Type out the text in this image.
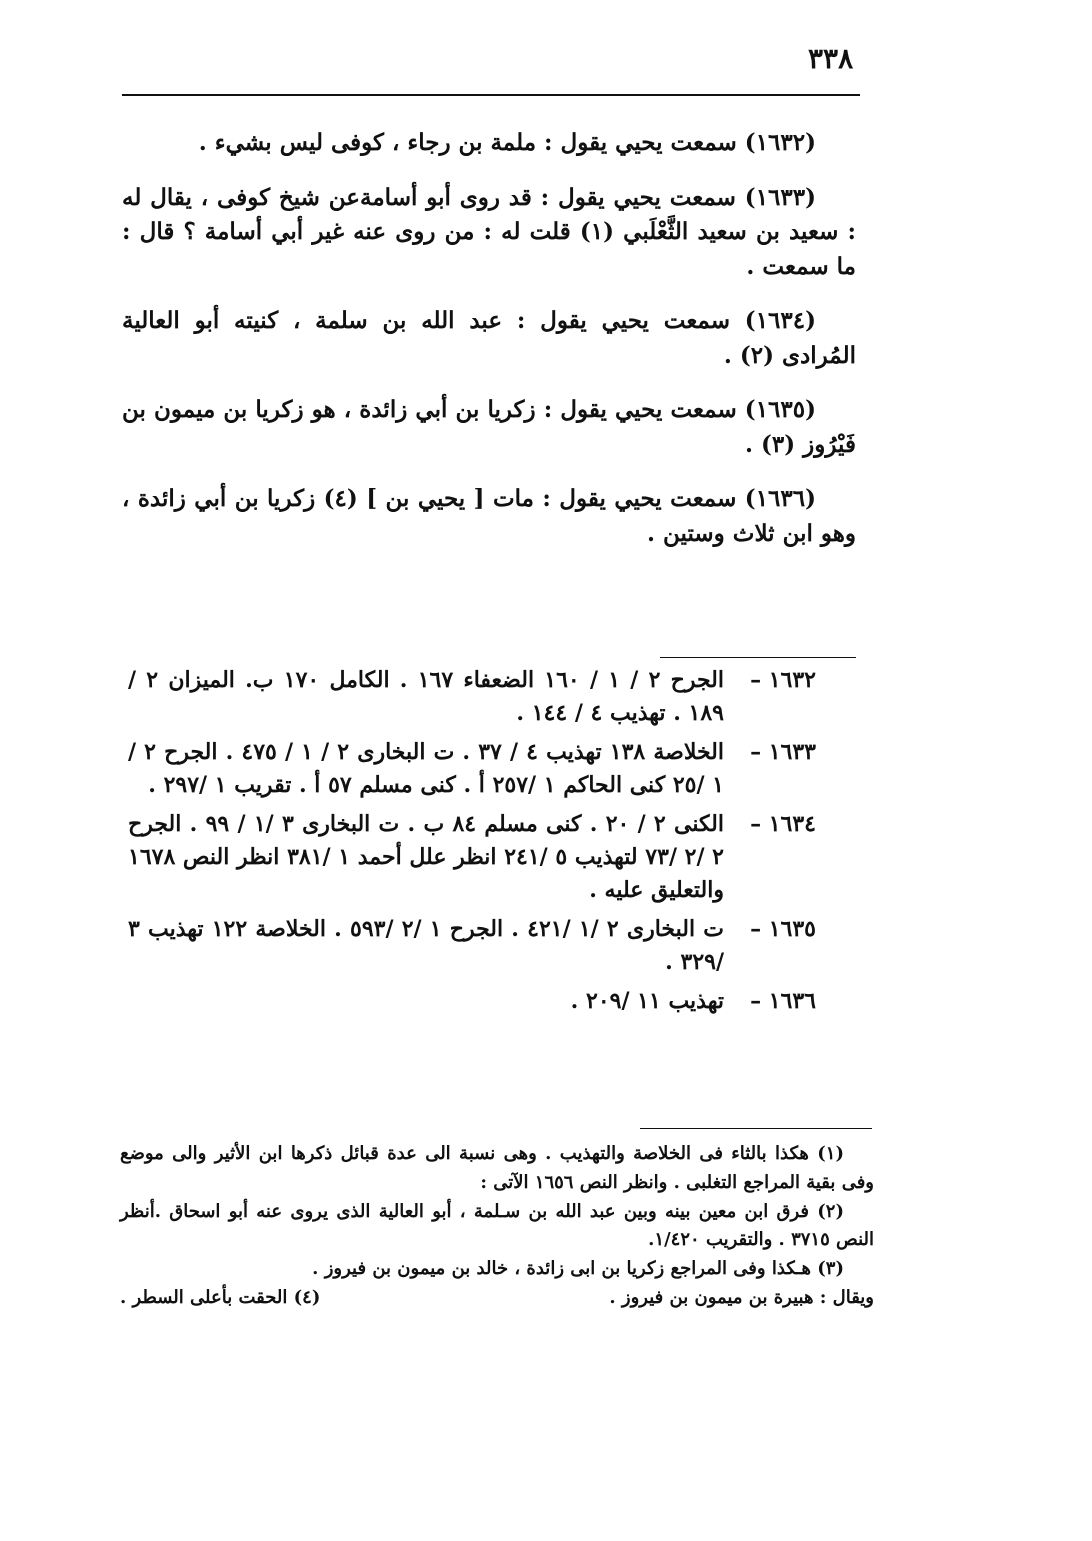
٣٣٨

(١٦٣٢) سمعت يحيي يقول : ملمة بن رجاء ، كوفى ليس بشيء .

(١٦٣٣) سمعت يحيي يقول : قد روى أبو أسامةعن شيخ كوفى ، يقال له : سعيد بن سعيد الثَّعْلَبي (١) قلت له : من روى عنه غير أبي أسامة ؟ قال : ما سمعت .

(١٦٣٤) سمعت يحيي يقول : عبد الله بن سلمة ، كنيته أبو العالية المُرادى (٢) .

(١٦٣٥) سمعت يحيي يقول : زكريا بن أبي زائدة ، هو زكريا بن ميمون بن فَيْرُوز (٣) .

(١٦٣٦) سمعت يحيي يقول : مات [ يحيي بن ] (٤) زكريا بن أبي زائدة ، وهو ابن ثلاث وستين .

١٦٣٢ –
الجرح ٢ / ١ / ١٦٠ الضعفاء ١٦٧ . الكامل ١٧٠ ب. الميزان ٢ / ١٨٩ . تهذيب ٤ / ١٤٤ .
١٦٣٣ –
الخلاصة ١٣٨ تهذيب ٤ / ٣٧ . ت البخارى ٢ / ١ / ٤٧٥ . الجرح ٢ /١ /٢٥ كنى الحاكم ١ /٢٥٧ أ . كنى مسلم ٥٧ أ . تقريب ١ /٢٩٧ .
١٦٣٤ –
الكنى ٢ / ٢٠ . كنى مسلم ٨٤ ب . ت البخارى ٣ /١ / ٩٩ . الجرح ٢ /٢ /٧٣ لتهذيب ٥ /٢٤١ انظر علل أحمد ١ /٣٨١ انظر النص ١٦٧٨ والتعليق عليه .
١٦٣٥ –
ت البخارى ٢ /١ /٤٢١ . الجرح ١ /٢ /٥٩٣ . الخلاصة ١٢٢ تهذيب ٣ /٣٢٩ .
١٦٣٦ –
تهذيب ١١ /٢٠٩ .

(١) هكذا بالثاء فى الخلاصة والتهذيب . وهى نسبة الى عدة قبائل ذكرها ابن الأثير والى موضع وفى بقية المراجع التغلبى . وانظر النص ١٦٥٦ الآتى :

(٢) فرق ابن معين بينه وبين عبد الله بن سـلمة ، أبو العالية الذى يروى عنه أبو اسحاق .أنظر النص ٣٧١٥ . والتقريب ١/٤٢٠.

(٣) هـكذا وفى المراجع زكريا بن ابى زائدة ، خالد بن ميمون بن فيروز .

ويقال : هبيرة بن ميمون بن فيروز .
(٤) الحقت بأعلى السطر .
